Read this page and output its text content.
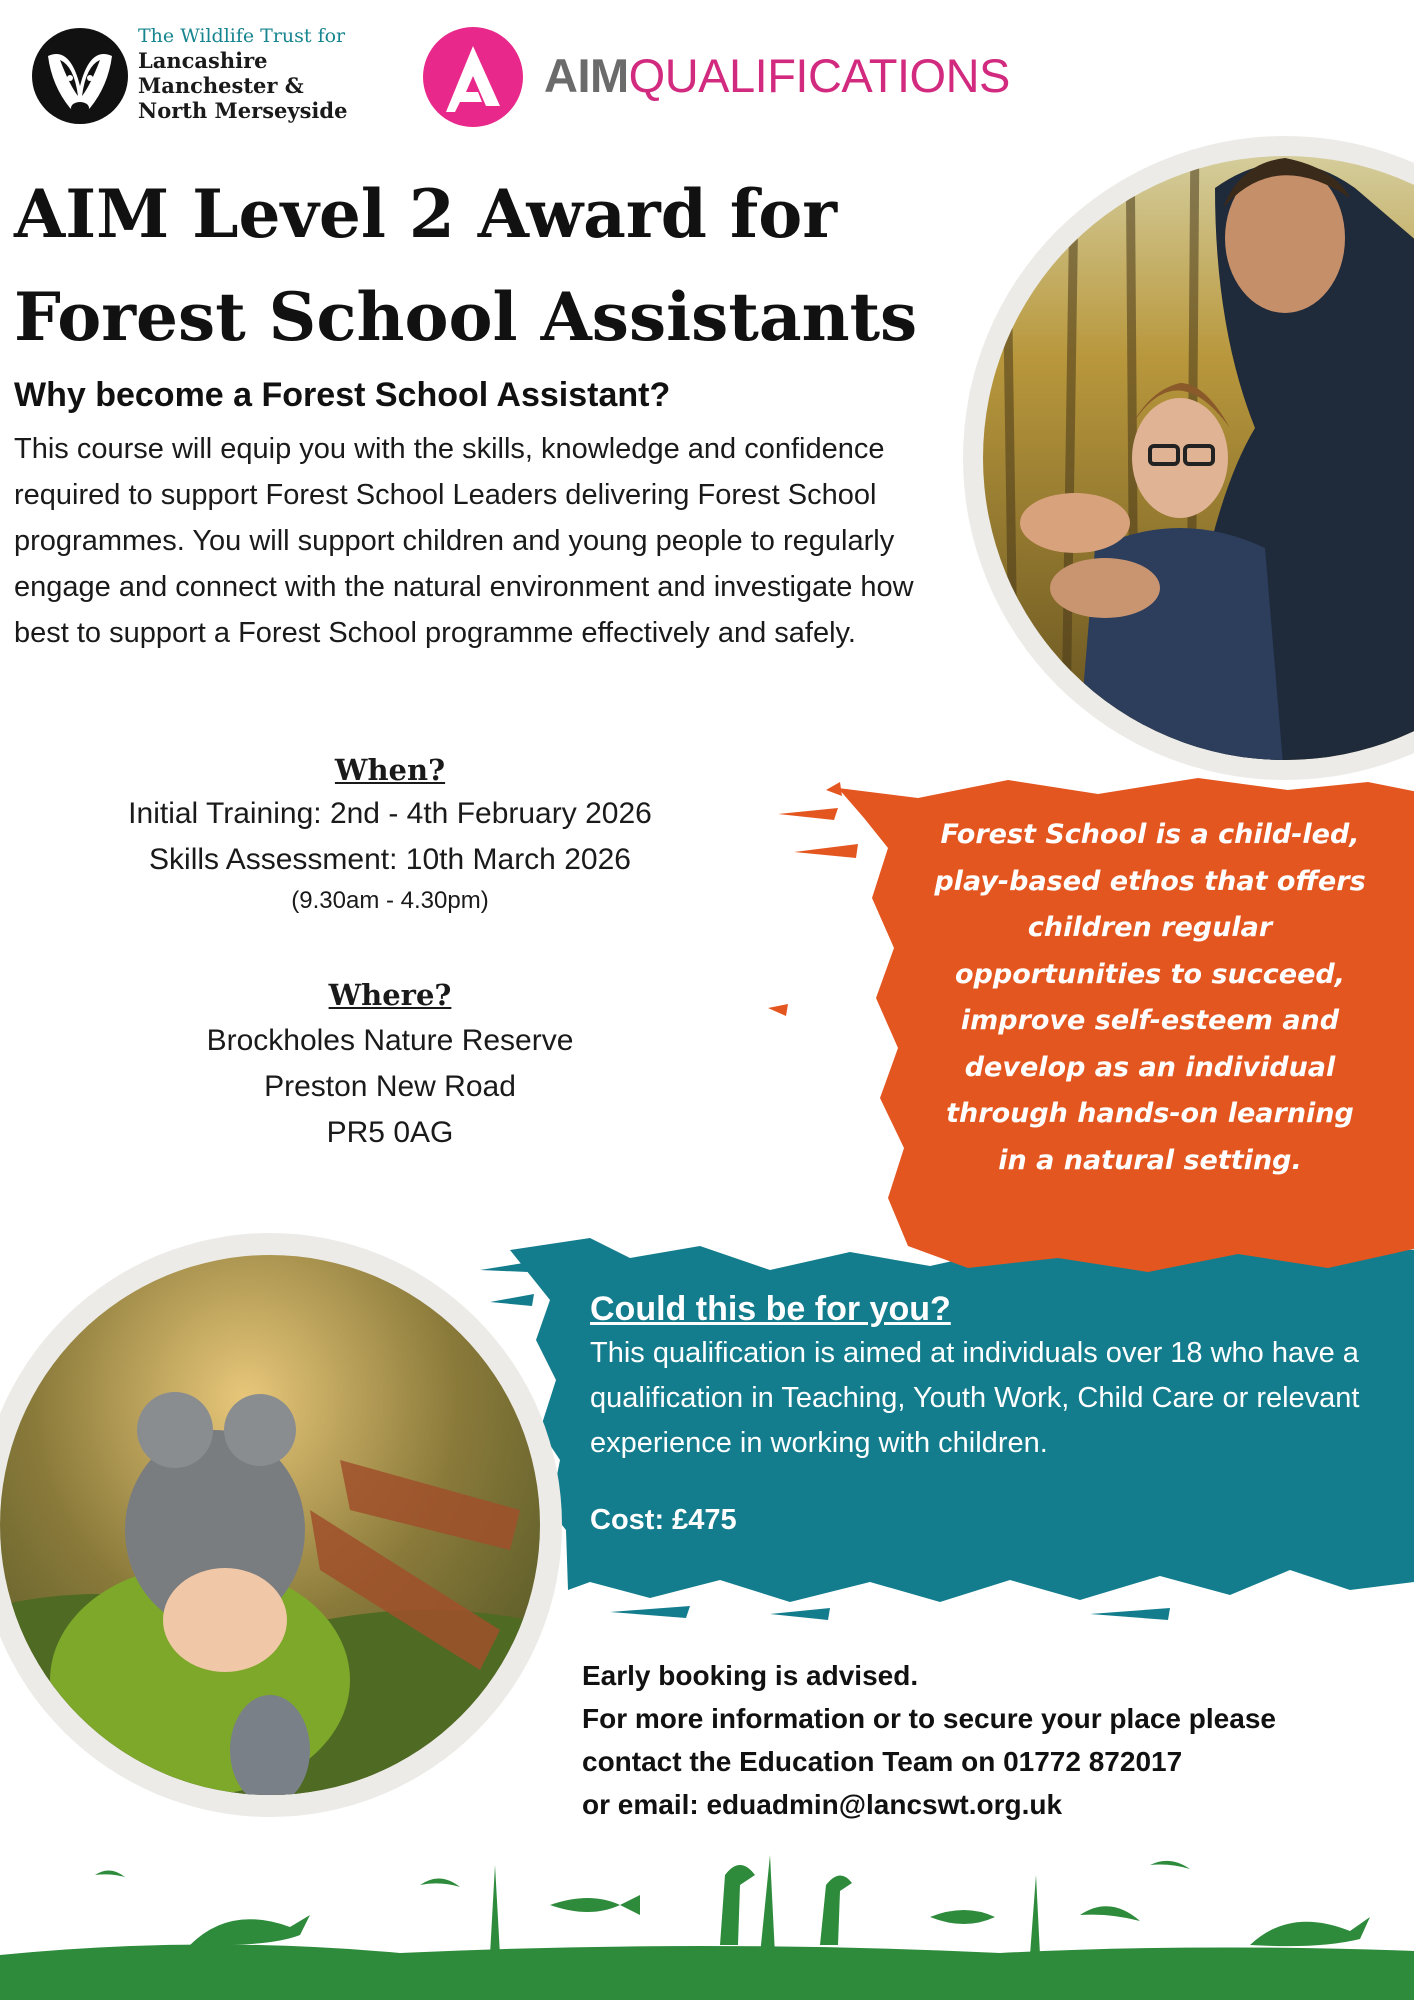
The Wildlife Trust for
Lancashire
Manchester &
North Merseyside
AIMQUALIFICATIONS
AIM Level 2 Award for
Forest School Assistants
Why become a Forest School Assistant?
This course will equip you with the skills, knowledge and confidence required to support Forest School Leaders delivering Forest School programmes. You will support children and young people to regularly engage and connect with the natural environment and investigate how best to support a Forest School programme effectively and safely.
When?
Initial Training: 2nd - 4th February 2026
Skills Assessment: 10th March 2026
(9.30am - 4.30pm)
Where?
Brockholes Nature Reserve
Preston New Road
PR5 0AG
Forest School is a child-led, play-based ethos that offers children regular opportunities to succeed, improve self-esteem and develop as an individual through hands-on learning in a natural setting.
Could this be for you?
This qualification is aimed at individuals over 18 who have a qualification in Teaching, Youth Work, Child Care or relevant experience in working with children.
Cost: £475
Early booking is advised.
For more information or to secure your place please
contact the Education Team on 01772 872017
or email: eduadmin@lancswt.org.uk
